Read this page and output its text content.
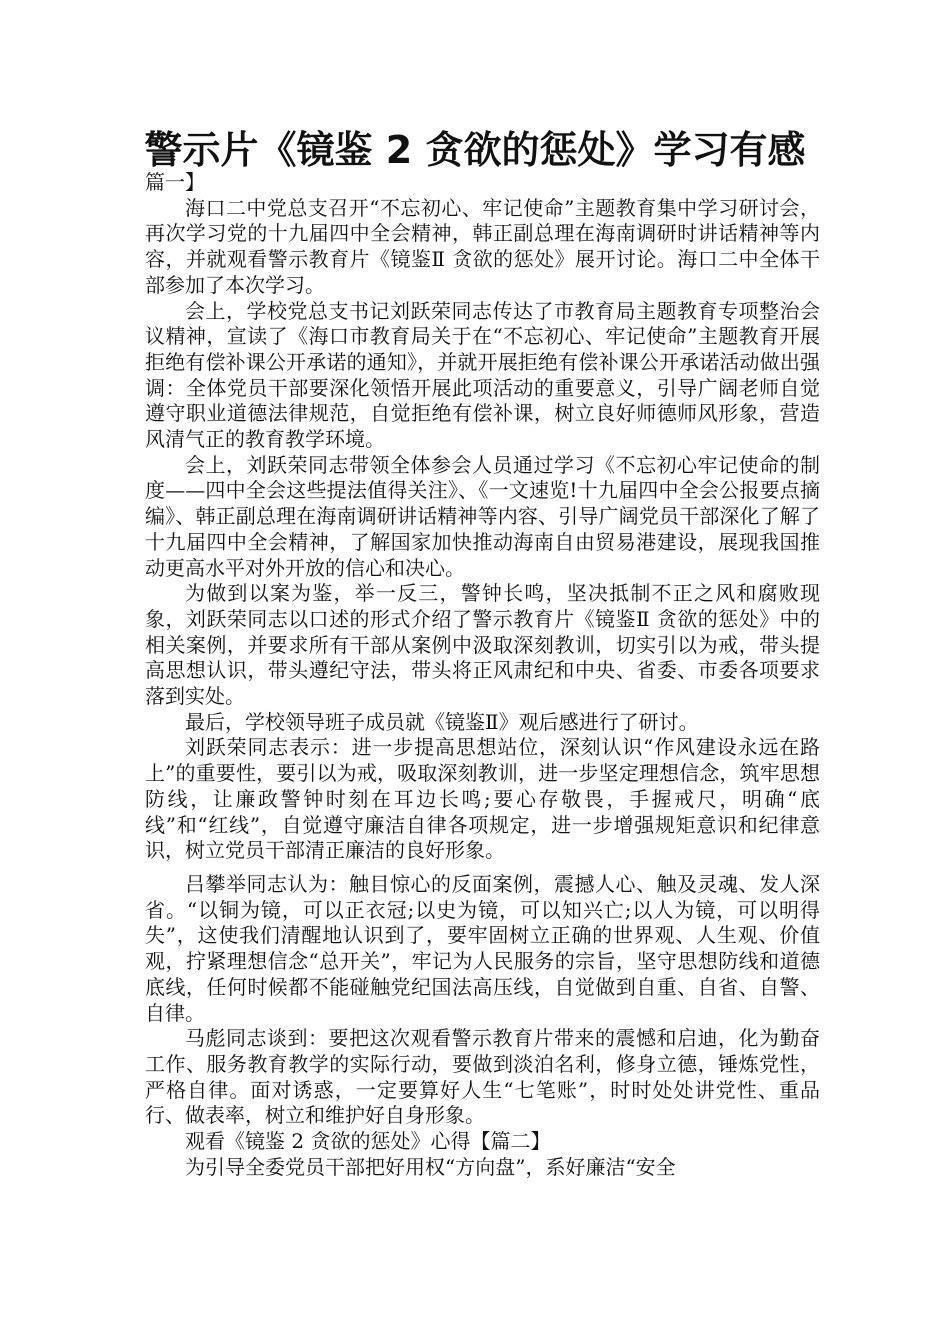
警示片《镜鉴 2 贪欲的惩处》学习有感

篇一】

海口二中党总支召开“不忘初心、牢记使命”主题教育集中学习研讨会，再次学习党的十九届四中全会精神，韩正副总理在海南调研时讲话精神等内容，并就观看警示教育片《镜鉴Ⅱ 贪欲的惩处》展开讨论。海口二中全体干部参加了本次学习。

会上，学校党总支书记刘跃荣同志传达了市教育局主题教育专项整治会议精神，宣读了《海口市教育局关于在“不忘初心、牢记使命”主题教育开展拒绝有偿补课公开承诺的通知》，并就开展拒绝有偿补课公开承诺活动做出强调：全体党员干部要深化领悟开展此项活动的重要意义，引导广阔老师自觉遵守职业道德法律规范，自觉拒绝有偿补课，树立良好师德师风形象，营造风清气正的教育教学环境。

会上，刘跃荣同志带领全体参会人员通过学习《不忘初心牢记使命的制度——四中全会这些提法值得关注》、《一文速览!十九届四中全会公报要点摘编》、韩正副总理在海南调研讲话精神等内容、引导广阔党员干部深化了解了十九届四中全会精神，了解国家加快推动海南自由贸易港建设，展现我国推动更高水平对外开放的信心和决心。

为做到以案为鉴，举一反三，警钟长鸣，坚决抵制不正之风和腐败现象，刘跃荣同志以口述的形式介绍了警示教育片《镜鉴Ⅱ 贪欲的惩处》中的相关案例，并要求所有干部从案例中汲取深刻教训，切实引以为戒，带头提高思想认识，带头遵纪守法，带头将正风肃纪和中央、省委、市委各项要求落到实处。

最后，学校领导班子成员就《镜鉴Ⅱ》观后感进行了研讨。

刘跃荣同志表示：进一步提高思想站位，深刻认识“作风建设永远在路上”的重要性，要引以为戒，吸取深刻教训，进一步坚定理想信念，筑牢思想防线，让廉政警钟时刻在耳边长鸣;要心存敬畏，手握戒尺，明确“底线”和“红线”，自觉遵守廉洁自律各项规定，进一步增强规矩意识和纪律意识，树立党员干部清正廉洁的良好形象。

吕攀举同志认为：触目惊心的反面案例，震撼人心、触及灵魂、发人深省。“以铜为镜，可以正衣冠;以史为镜，可以知兴亡;以人为镜，可以明得失”，这使我们清醒地认识到了，要牢固树立正确的世界观、人生观、价值观，拧紧理想信念“总开关”，牢记为人民服务的宗旨，坚守思想防线和道德底线，任何时候都不能碰触党纪国法高压线，自觉做到自重、自省、自警、自律。

马彪同志谈到：要把这次观看警示教育片带来的震憾和启迪，化为勤奋工作、服务教育教学的实际行动，要做到淡泊名利，修身立德，锤炼党性，严格自律。面对诱惑，一定要算好人生“七笔账”，时时处处讲党性、重品行、做表率，树立和维护好自身形象。

观看《镜鉴 2 贪欲的惩处》心得【篇二】

为引导全委党员干部把好用权“方向盘”，系好廉洁“安全
